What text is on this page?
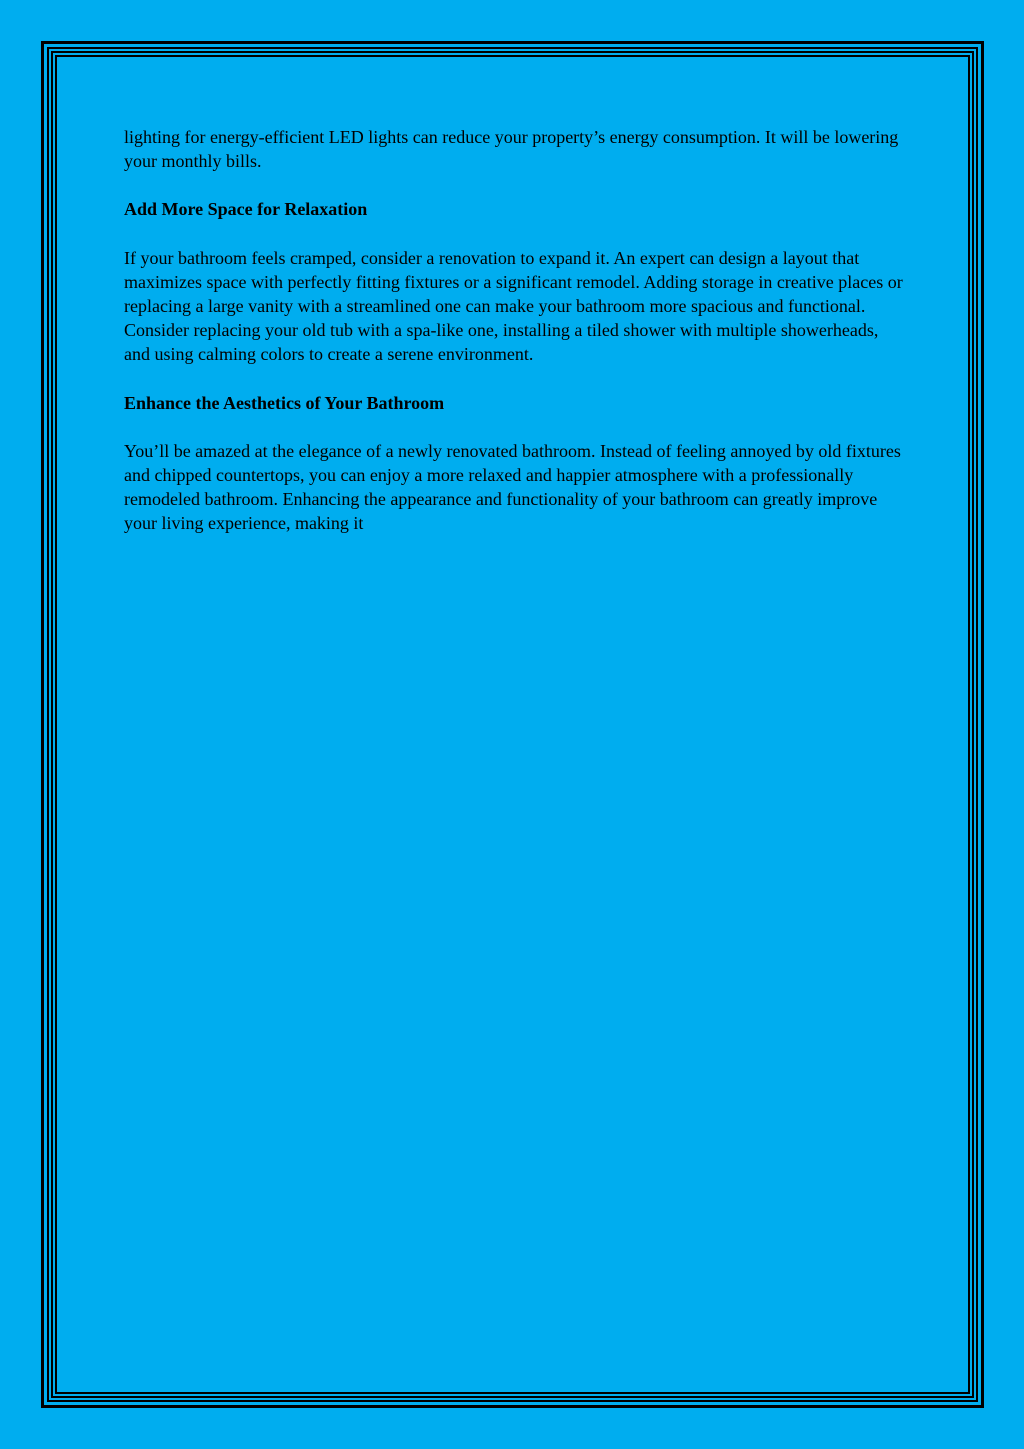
lighting for energy-efficient LED lights can reduce your property’s energy consumption. It will be lowering your monthly bills.

Add More Space for Relaxation

If your bathroom feels cramped, consider a renovation to expand it. An expert can design a layout that maximizes space with perfectly fitting fixtures or a significant remodel. Adding storage in creative places or replacing a large vanity with a streamlined one can make your bathroom more spacious and functional. Consider replacing your old tub with a spa-like one, installing a tiled shower with multiple showerheads, and using calming colors to create a serene environment.

Enhance the Aesthetics of Your Bathroom

You’ll be amazed at the elegance of a newly renovated bathroom. Instead of feeling annoyed by old fixtures and chipped countertops, you can enjoy a more relaxed and happier atmosphere with a professionally remodeled bathroom. Enhancing the appearance and functionality of your bathroom can greatly improve your living experience, making it
